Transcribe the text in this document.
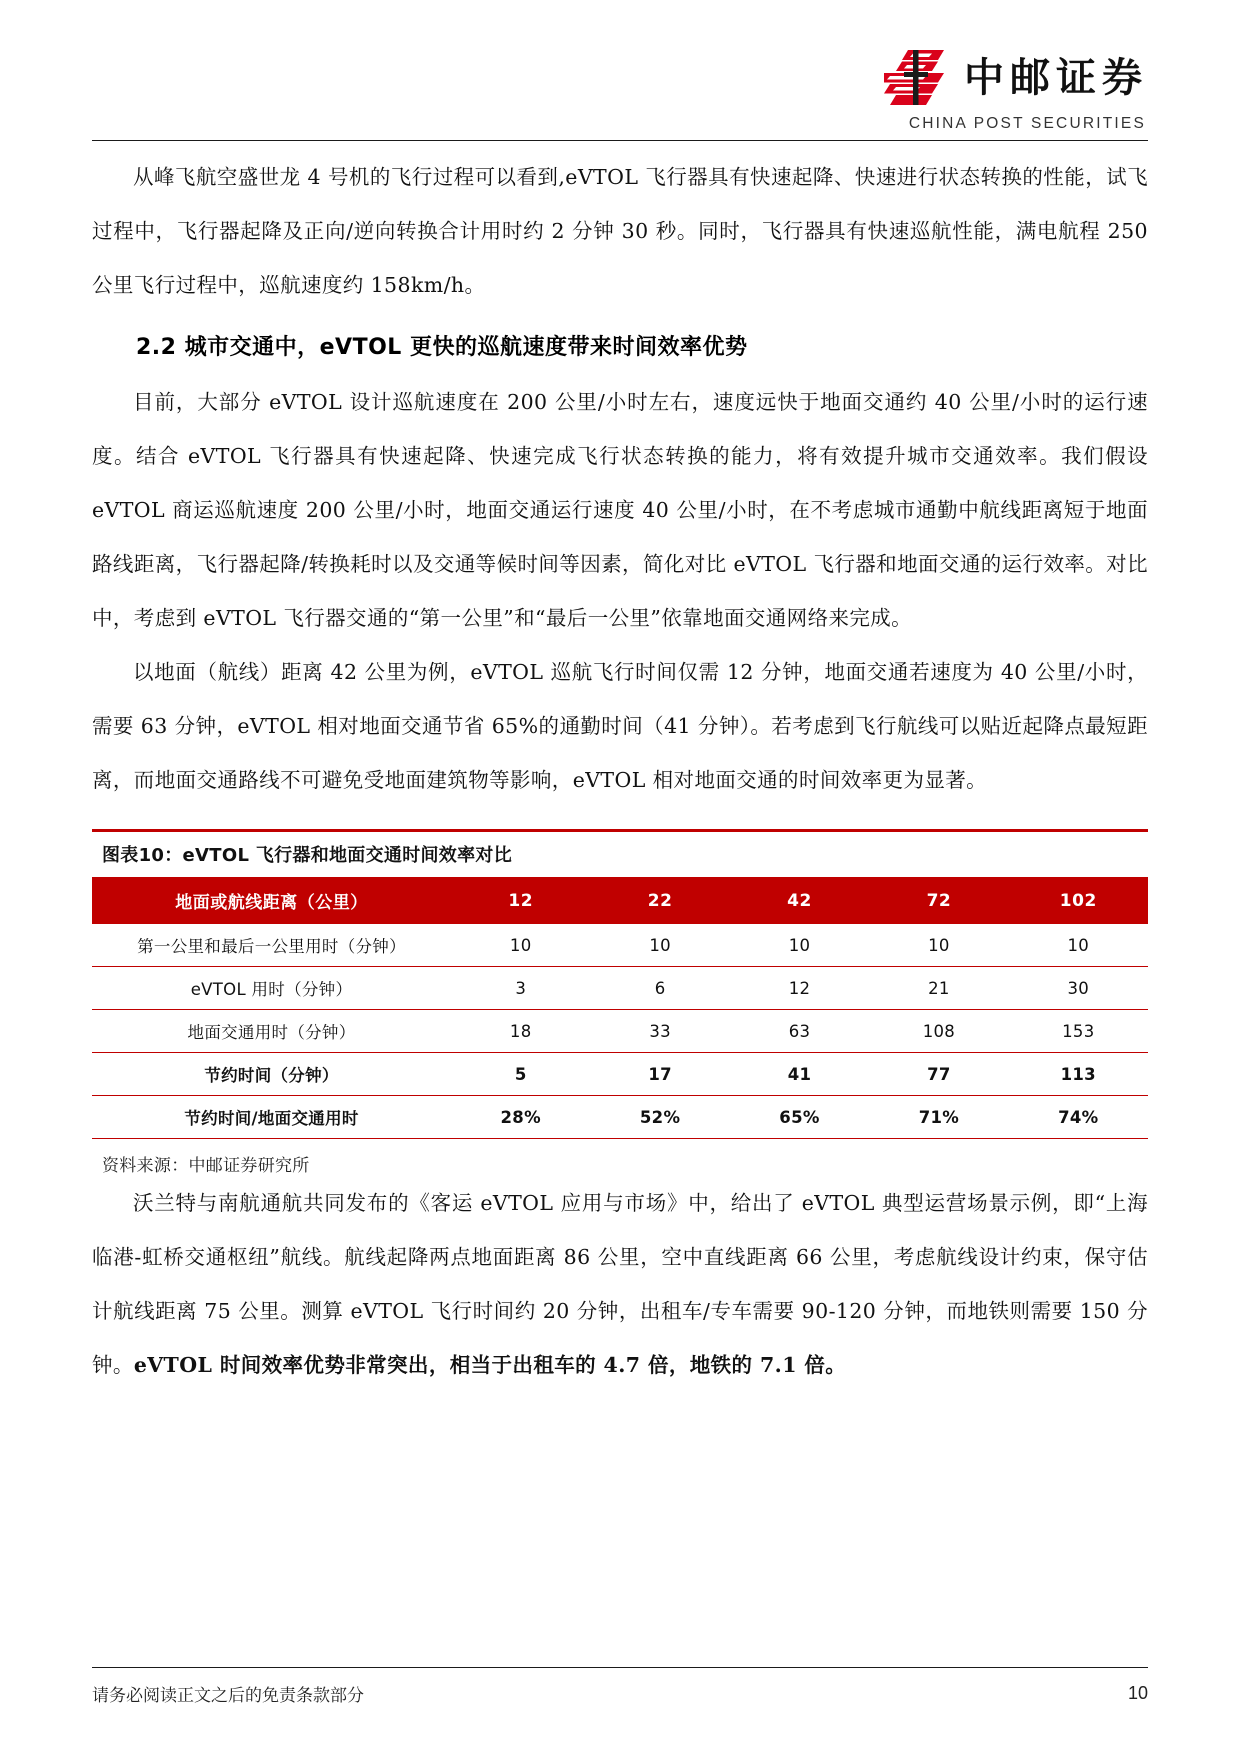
中邮证券
CHINA POST SECURITIES

从峰飞航空盛世龙 4 号机的飞行过程可以看到,eVTOL 飞行器具有快速起降、快速进行状态转换的性能，试飞过程中，飞行器起降及正向/逆向转换合计用时约 2 分钟 30 秒。同时，飞行器具有快速巡航性能，满电航程 250 公里飞行过程中，巡航速度约 158km/h。

2.2 城市交通中，eVTOL 更快的巡航速度带来时间效率优势

目前，大部分 eVTOL 设计巡航速度在 200 公里/小时左右，速度远快于地面交通约 40 公里/小时的运行速度。结合 eVTOL 飞行器具有快速起降、快速完成飞行状态转换的能力，将有效提升城市交通效率。我们假设 eVTOL 商运巡航速度 200 公里/小时，地面交通运行速度 40 公里/小时，在不考虑城市通勤中航线距离短于地面路线距离，飞行器起降/转换耗时以及交通等候时间等因素，简化对比 eVTOL 飞行器和地面交通的运行效率。对比中，考虑到 eVTOL 飞行器交通的“第一公里”和“最后一公里”依靠地面交通网络来完成。

以地面（航线）距离 42 公里为例，eVTOL 巡航飞行时间仅需 12 分钟，地面交通若速度为 40 公里/小时，需要 63 分钟，eVTOL 相对地面交通节省 65%的通勤时间（41 分钟）。若考虑到飞行航线可以贴近起降点最短距离，而地面交通路线不可避免受地面建筑物等影响，eVTOL 相对地面交通的时间效率更为显著。

图表10：eVTOL 飞行器和地面交通时间效率对比
地面或航线距离（公里）	12	22	42	72	102
第一公里和最后一公里用时（分钟）	10	10	10	10	10
eVTOL 用时（分钟）	3	6	12	21	30
地面交通用时（分钟）	18	33	63	108	153
节约时间（分钟）	5	17	41	77	113
节约时间/地面交通用时	28%	52%	65%	71%	74%
资料来源：中邮证券研究所

沃兰特与南航通航共同发布的《客运 eVTOL 应用与市场》中，给出了 eVTOL 典型运营场景示例，即“上海临港-虹桥交通枢纽”航线。航线起降两点地面距离 86 公里，空中直线距离 66 公里，考虑航线设计约束，保守估计航线距离 75 公里。测算 eVTOL 飞行时间约 20 分钟，出租车/专车需要 90-120 分钟，而地铁则需要 150 分钟。eVTOL 时间效率优势非常突出，相当于出租车的 4.7 倍，地铁的 7.1 倍。

请务必阅读正文之后的免责条款部分	10
